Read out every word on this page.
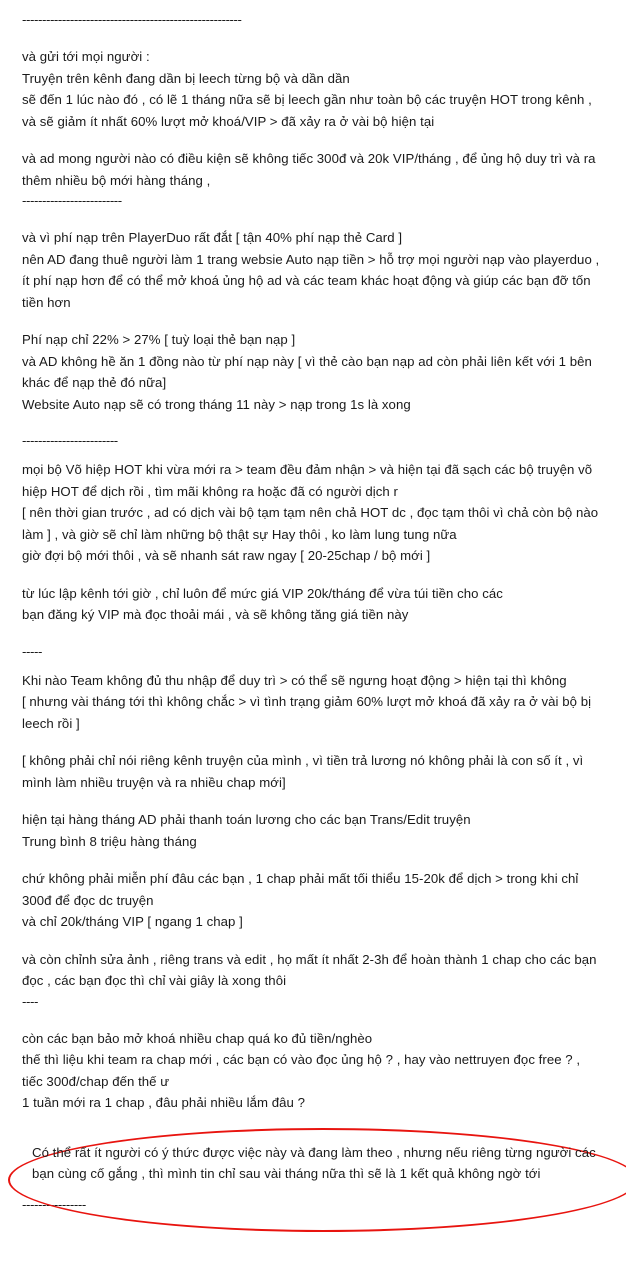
-------------------------------------------------------

và gửi tới mọi người :

Truyện trên kênh đang dần bị leech từng bộ và dần dần

sẽ đến 1 lúc nào đó , có lẽ 1 tháng nữa sẽ bị leech gần như toàn bộ các truyện HOT trong kênh ,

và sẽ giảm ít nhất 60% lượt mở khoá/VIP > đã xảy ra ở vài bộ hiện tại

và ad mong người nào có điều kiện sẽ không tiếc 300đ và 20k VIP/tháng , để ủng hộ duy trì và ra

thêm nhiều bộ mới hàng tháng ,

-------------------------

và vì phí nạp trên PlayerDuo rất đắt [ tận 40% phí nạp thẻ Card ]

nên AD đang thuê người làm 1 trang websie Auto nạp tiền > hỗ trợ mọi người nạp vào playerduo ,

ít phí nạp hơn để có thể mở khoá ủng hộ ad và các team khác hoạt động và giúp các bạn đỡ tốn

tiền hơn

Phí nạp chỉ 22% > 27% [ tuỳ loại thẻ bạn nạp ]

và AD không hề ăn 1 đồng nào từ phí nạp này [ vì thẻ cào bạn nạp ad còn phải liên kết với 1 bên

khác để nạp thẻ đó nữa]

Website Auto nạp sẽ có trong tháng 11 này > nạp trong 1s là xong

------------------------

mọi bộ Võ hiệp HOT khi vừa mới ra > team đều đảm nhận > và hiện tại đã sạch các bộ truyện võ

hiệp HOT để dịch rồi , tìm mãi không ra hoặc đã có người dịch r

[ nên thời gian trước , ad có dịch vài bộ tạm tạm nên chả HOT dc , đọc tạm thôi vì chả còn bộ nào

làm ] , và giờ sẽ chỉ làm những bộ thật sự Hay thôi , ko làm lung tung nữa

giờ đợi bộ mới thôi , và sẽ nhanh sát raw ngay [ 20-25chap / bộ mới ]

từ lúc lập kênh tới giờ , chỉ luôn để mức giá VIP 20k/tháng để vừa túi tiền cho các

bạn đăng ký VIP mà đọc thoải mái , và sẽ không tăng giá tiền này

-----

Khi nào Team không đủ thu nhập để duy trì > có thể sẽ ngưng hoạt động > hiện tại thì không

[ nhưng vài tháng tới thì không chắc > vì tình trạng giảm 60% lượt mở khoá đã xảy ra ở vài bộ bị

leech rồi ]

[ không phải chỉ nói riêng kênh truyện của mình , vì tiền trả lương nó không phải là con số ít , vì

mình làm nhiều truyện và ra nhiều chap mới]

hiện tại hàng tháng AD phải thanh toán lương cho các bạn Trans/Edit truyện

Trung bình 8 triệu hàng tháng

chứ không phải miễn phí đâu các bạn , 1 chap phải mất tối thiểu 15-20k để dịch > trong khi chỉ

300đ để đọc dc truyện

và chỉ 20k/tháng VIP [ ngang 1 chap ]

và còn chỉnh sửa ảnh , riêng trans và edit , họ mất ít nhất 2-3h để hoàn thành 1 chap cho các bạn

đọc , các bạn đọc thì chỉ vài giây là xong thôi

----

còn các bạn bảo mở khoá nhiều chap quá ko đủ tiền/nghèo

thế thì liệu khi team ra chap mới , các bạn có vào đọc ủng hộ ? , hay vào nettruyen đọc free ? ,

tiếc 300đ/chap đến thế ư

1 tuần mới ra 1 chap , đâu phải nhiều lắm đâu ?

Có thể rất ít người có ý thức được việc này và đang làm theo , nhưng nếu riêng từng người các

bạn cùng cố gắng , thì mình tin chỉ sau vài tháng nữa thì sẽ là 1 kết quả không ngờ tới

----------------
